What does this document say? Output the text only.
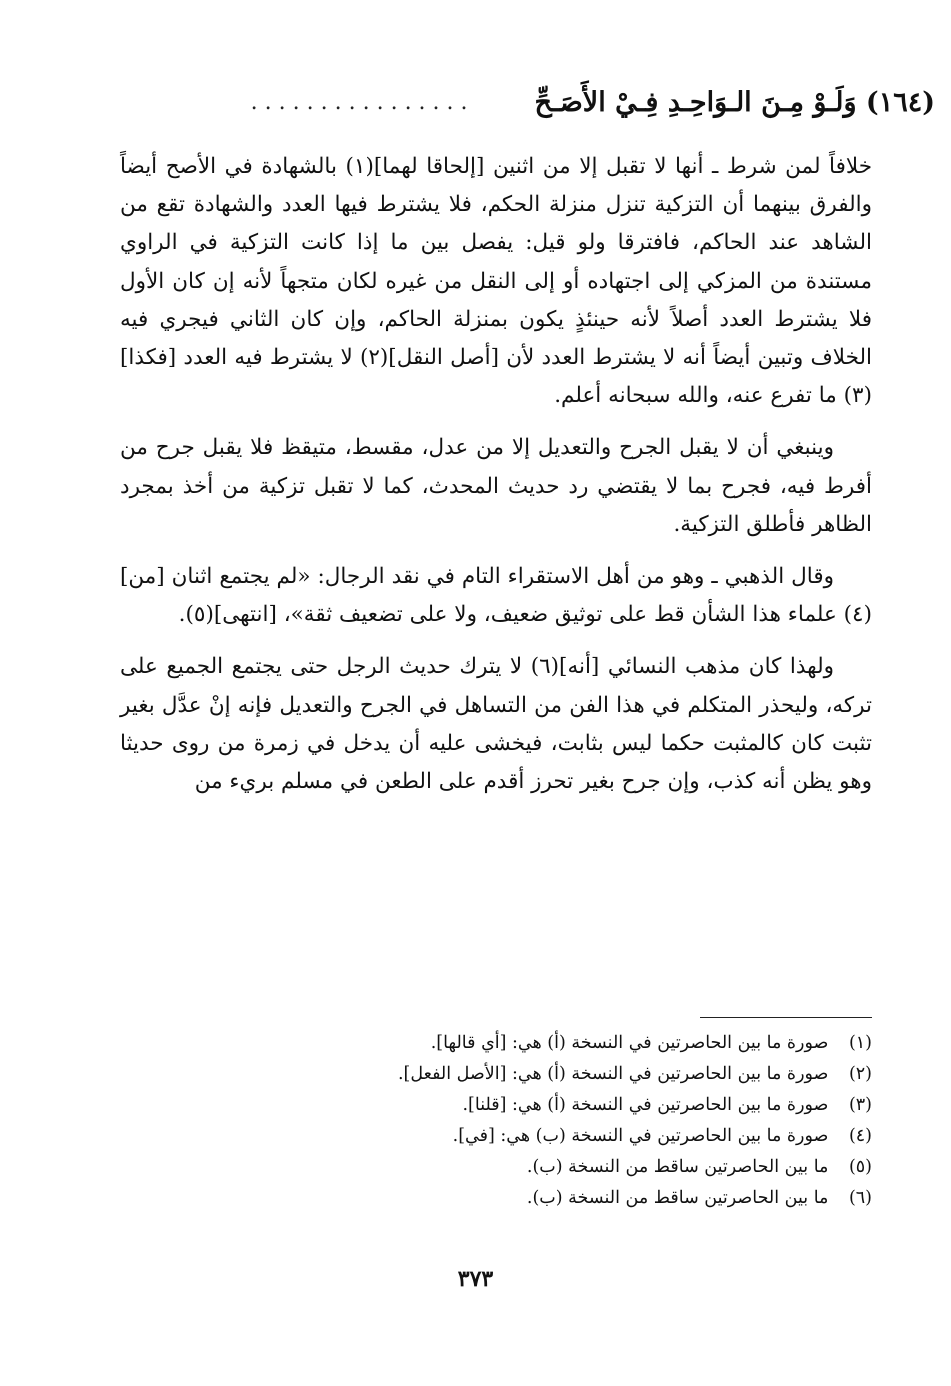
(١٦٤) وَلَـوْ مِـنَ الـوَاحِـدِ فِـيْ الأَصَـحِّ
................

خلافاً لمن شرط ـ أنها لا تقبل إلا من اثنين [إلحاقا لهما](١) بالشهادة في الأصح أيضاً والفرق بينهما أن التزكية تنزل منزلة الحكم، فلا يشترط فيها العدد والشهادة تقع من الشاهد عند الحاكم، فافترقا ولو قيل: يفصل بين ما إذا كانت التزكية في الراوي مستندة من المزكي إلى اجتهاده أو إلى النقل من غيره لكان متجهاً لأنه إن كان الأول فلا يشترط العدد أصلاً لأنه حينئذٍ يكون بمنزلة الحاكم، وإن كان الثاني فيجري فيه الخلاف وتبين أيضاً أنه لا يشترط العدد لأن [أصل النقل](٢) لا يشترط فيه العدد [فكذا](٣) ما تفرع عنه، والله سبحانه أعلم.

وينبغي أن لا يقبل الجرح والتعديل إلا من عدل، مقسط، متيقظ فلا يقبل جرح من أفرط فيه، فجرح بما لا يقتضي رد حديث المحدث، كما لا تقبل تزكية من أخذ بمجرد الظاهر فأطلق التزكية.

وقال الذهبي ـ وهو من أهل الاستقراء التام في نقد الرجال: «لم يجتمع اثنان [من](٤) علماء هذا الشأن قط على توثيق ضعيف، ولا على تضعيف ثقة»، [انتهى](٥).

ولهذا كان مذهب النسائي [أنه](٦) لا يترك حديث الرجل حتى يجتمع الجميع على تركه، وليحذر المتكلم في هذا الفن من التساهل في الجرح والتعديل فإنه إنْ عدَّل بغير تثبت كان كالمثبت حكما ليس بثابت، فيخشى عليه أن يدخل في زمرة من روى حديثا وهو يظن أنه كذب، وإن جرح بغير تحرز أقدم على الطعن في مسلم بريء من

(١) صورة ما بين الحاصرتين في النسخة (أ) هي: [أي قالها].
(٢) صورة ما بين الحاصرتين في النسخة (أ) هي: [الأصل الفعل].
(٣) صورة ما بين الحاصرتين في النسخة (أ) هي: [قلنا].
(٤) صورة ما بين الحاصرتين في النسخة (ب) هي: [في].
(٥) ما بين الحاصرتين ساقط من النسخة (ب).
(٦) ما بين الحاصرتين ساقط من النسخة (ب).
٣٧٣
